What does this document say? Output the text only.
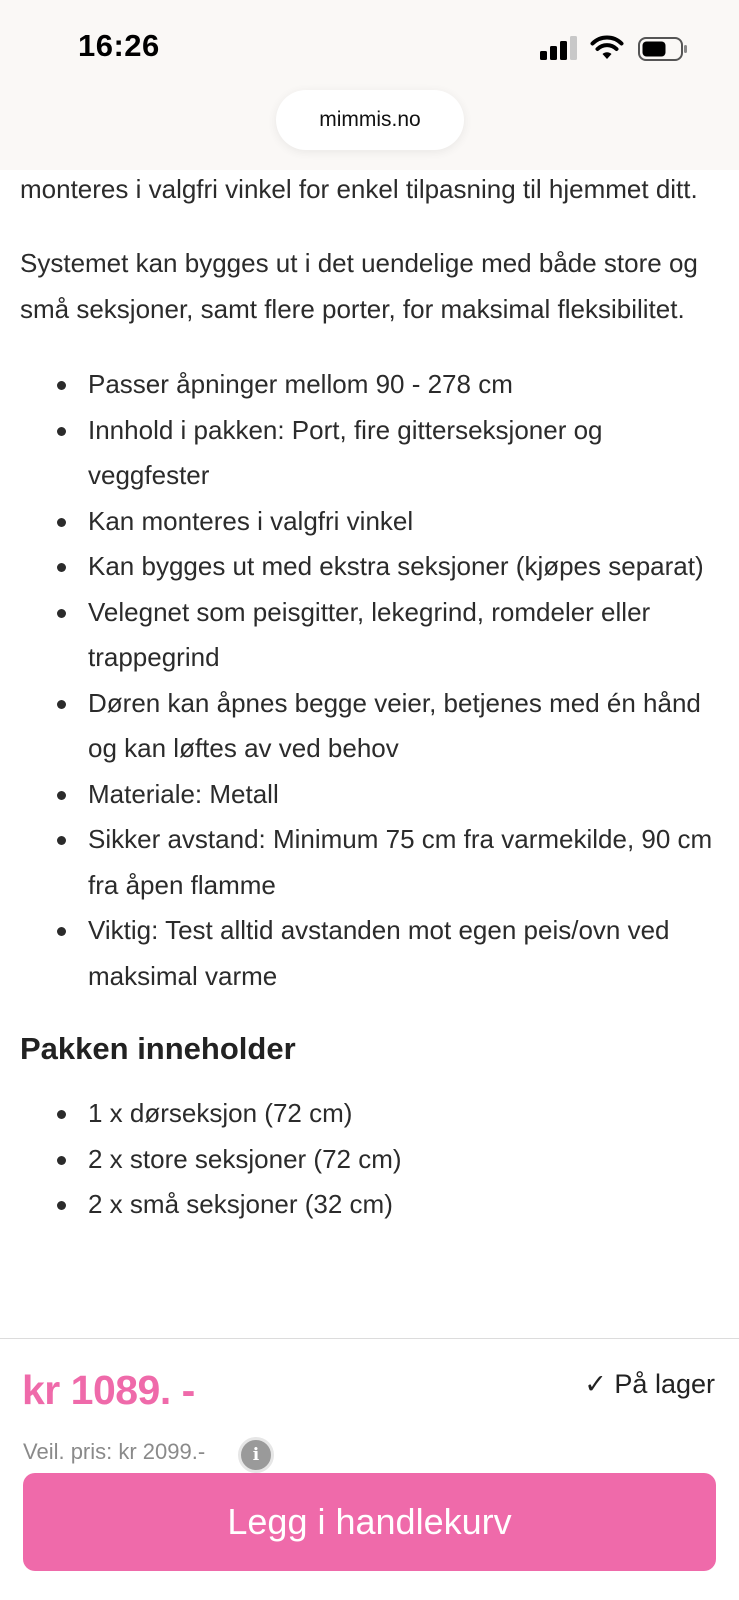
monteres i valgfri vinkel for enkel tilpasning til hjemmet ditt.

Systemet kan bygges ut i det uendelige med både store og små seksjoner, samt flere porter, for maksimal fleksibilitet.

Passer åpninger mellom 90 - 278 cm
Innhold i pakken: Port, fire gitterseksjoner og veggfester
Kan monteres i valgfri vinkel
Kan bygges ut med ekstra seksjoner (kjøpes separat)
Velegnet som peisgitter, lekegrind, romdeler eller trappegrind
Døren kan åpnes begge veier, betjenes med én hånd og kan løftes av ved behov
Materiale: Metall
Sikker avstand: Minimum 75 cm fra varmekilde, 90 cm fra åpen flamme
Viktig: Test alltid avstanden mot egen peis/ovn ved maksimal varme
Pakken inneholder
1 x dørseksjon (72 cm)
2 x store seksjoner (72 cm)
2 x små seksjoner (32 cm)
16:26
mimmis.no
kr 1089. -	✓ På lager
Veil. pris: kr 2099.-	i
Legg i handlekurv
